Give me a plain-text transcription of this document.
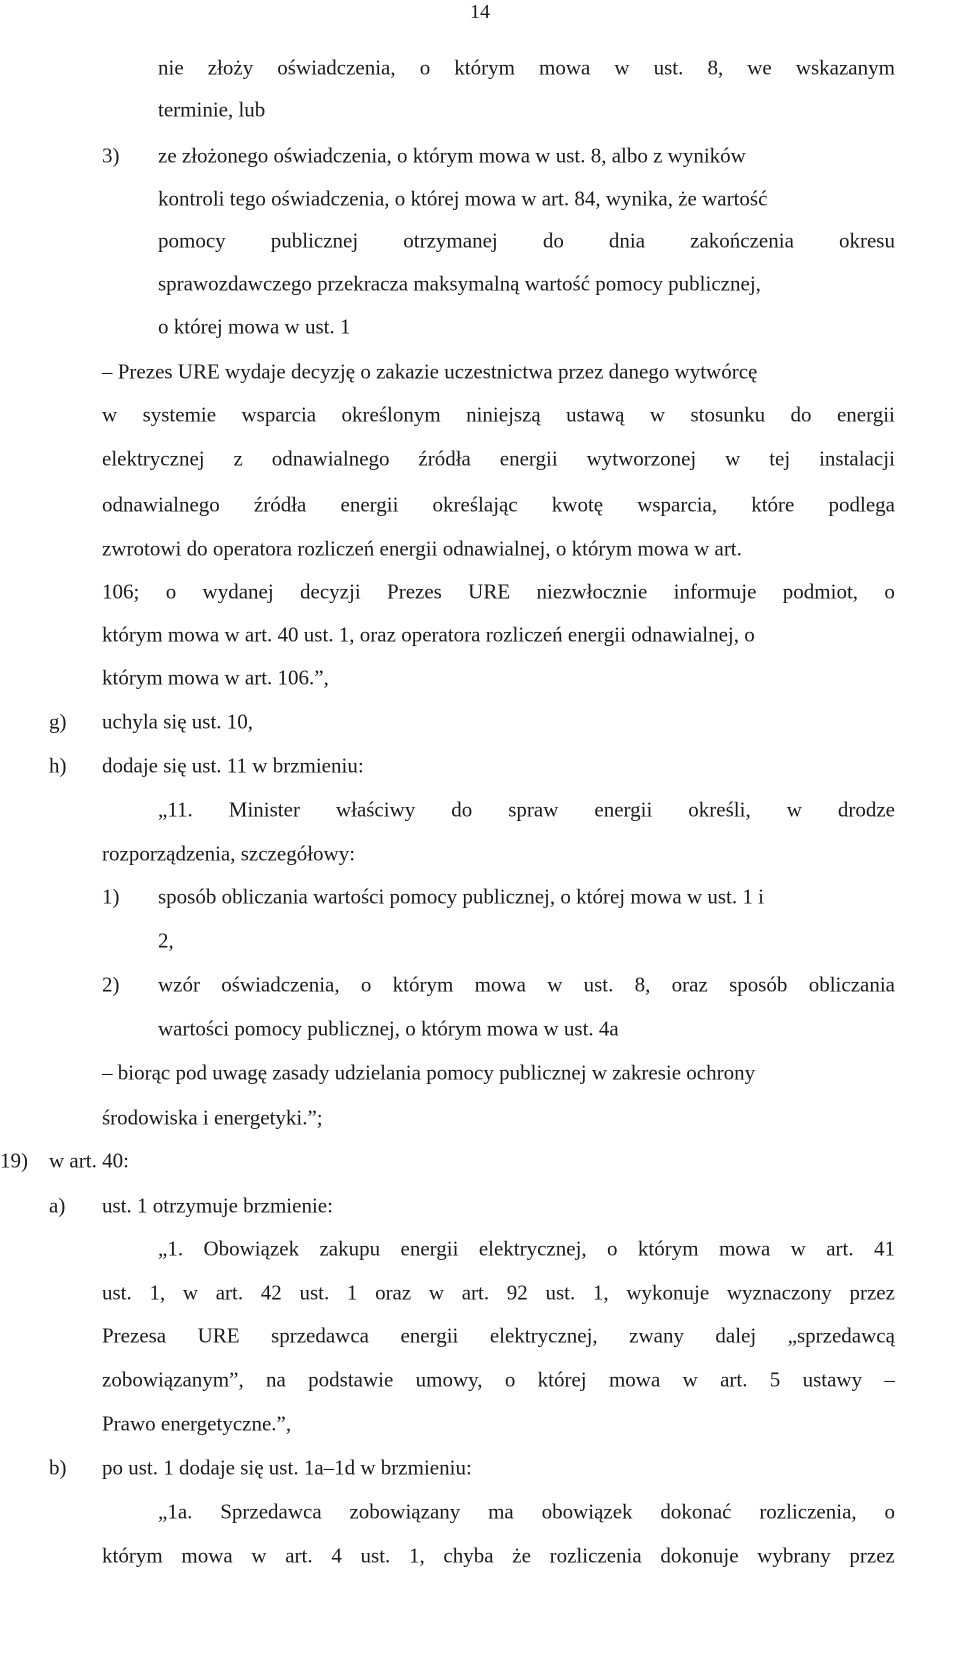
14
nie złoży oświadczenia, o którym mowa w ust. 8, we wskazanym
terminie, lub
3) ze złożonego oświadczenia, o którym mowa w ust. 8, albo z wyników
kontroli tego oświadczenia, o której mowa w art. 84, wynika, że wartość
pomocy publicznej otrzymanej do dnia zakończenia okresu
sprawozdawczego przekracza maksymalną wartość pomocy publicznej,
o której mowa w ust. 1
– Prezes URE wydaje decyzję o zakazie uczestnictwa przez danego wytwórcę
w systemie wsparcia określonym niniejszą ustawą w stosunku do energii
elektrycznej z odnawialnego źródła energii wytworzonej w tej instalacji
odnawialnego źródła energii określając kwotę wsparcia, które podlega
zwrotowi do operatora rozliczeń energii odnawialnej, o którym mowa w art.
106; o wydanej decyzji Prezes URE niezwłocznie informuje podmiot, o
którym mowa w art. 40 ust. 1, oraz operatora rozliczeń energii odnawialnej, o
którym mowa w art. 106.”,
g) uchyla się ust. 10,
h) dodaje się ust. 11 w brzmieniu:
„11. Minister właściwy do spraw energii określi, w drodze
rozporządzenia, szczegółowy:
1) sposób obliczania wartości pomocy publicznej, o której mowa w ust. 1 i
2,
2) wzór oświadczenia, o którym mowa w ust. 8, oraz sposób obliczania
wartości pomocy publicznej, o którym mowa w ust. 4a
– biorąc pod uwagę zasady udzielania pomocy publicznej w zakresie ochrony
środowiska i energetyki.”;
19) w art. 40:
a) ust. 1 otrzymuje brzmienie:
„1. Obowiązek zakupu energii elektrycznej, o którym mowa w art. 41
ust. 1, w art. 42 ust. 1 oraz w art. 92 ust. 1, wykonuje wyznaczony przez
Prezesa URE sprzedawca energii elektrycznej, zwany dalej „sprzedawcą
zobowiązanym”, na podstawie umowy, o której mowa w art. 5 ustawy –
Prawo energetyczne.”,
b) po ust. 1 dodaje się ust. 1a–1d w brzmieniu:
„1a. Sprzedawca zobowiązany ma obowiązek dokonać rozliczenia, o
którym mowa w art. 4 ust. 1, chyba że rozliczenia dokonuje wybrany przez
